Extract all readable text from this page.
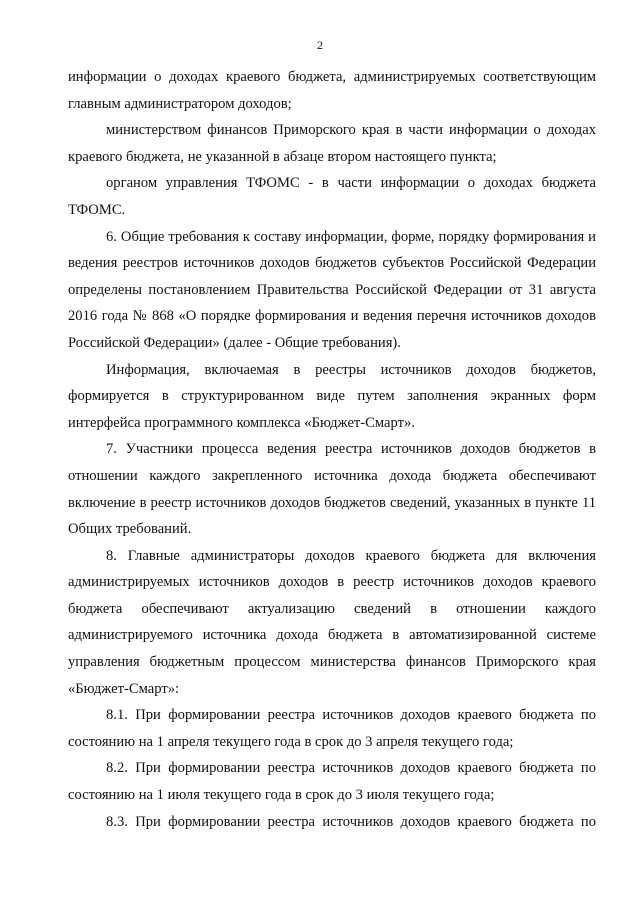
2

информации о доходах краевого бюджета, администрируемых соответствующим главным администратором доходов;

министерством финансов Приморского края в части информации о доходах краевого бюджета, не указанной в абзаце втором настоящего пункта;

органом управления ТФОМС - в части информации о доходах бюджета ТФОМС.

6. Общие требования к составу информации, форме, порядку формирования и ведения реестров источников доходов бюджетов субъектов Российской Федерации определены постановлением Правительства Российской Федерации от 31 августа 2016 года № 868 «О порядке формирования и ведения перечня источников доходов Российской Федерации» (далее - Общие требования).

Информация, включаемая в реестры источников доходов бюджетов, формируется в структурированном виде путем заполнения экранных форм интерфейса программного комплекса «Бюджет-Смарт».

7. Участники процесса ведения реестра источников доходов бюджетов в отношении каждого закрепленного источника дохода бюджета обеспечивают включение в реестр источников доходов бюджетов сведений, указанных в пункте 11 Общих требований.

8. Главные администраторы доходов краевого бюджета для включения администрируемых источников доходов в реестр источников доходов краевого бюджета обеспечивают актуализацию сведений в отношении каждого администрируемого источника дохода бюджета в автоматизированной системе управления бюджетным процессом министерства финансов Приморского края «Бюджет-Смарт»:

8.1. При формировании реестра источников доходов краевого бюджета по состоянию на 1 апреля текущего года в срок до 3 апреля текущего года;

8.2. При формировании реестра источников доходов краевого бюджета по состоянию на 1 июля текущего года в срок до 3 июля текущего года;

8.3. При формировании реестра источников доходов краевого бюджета по
